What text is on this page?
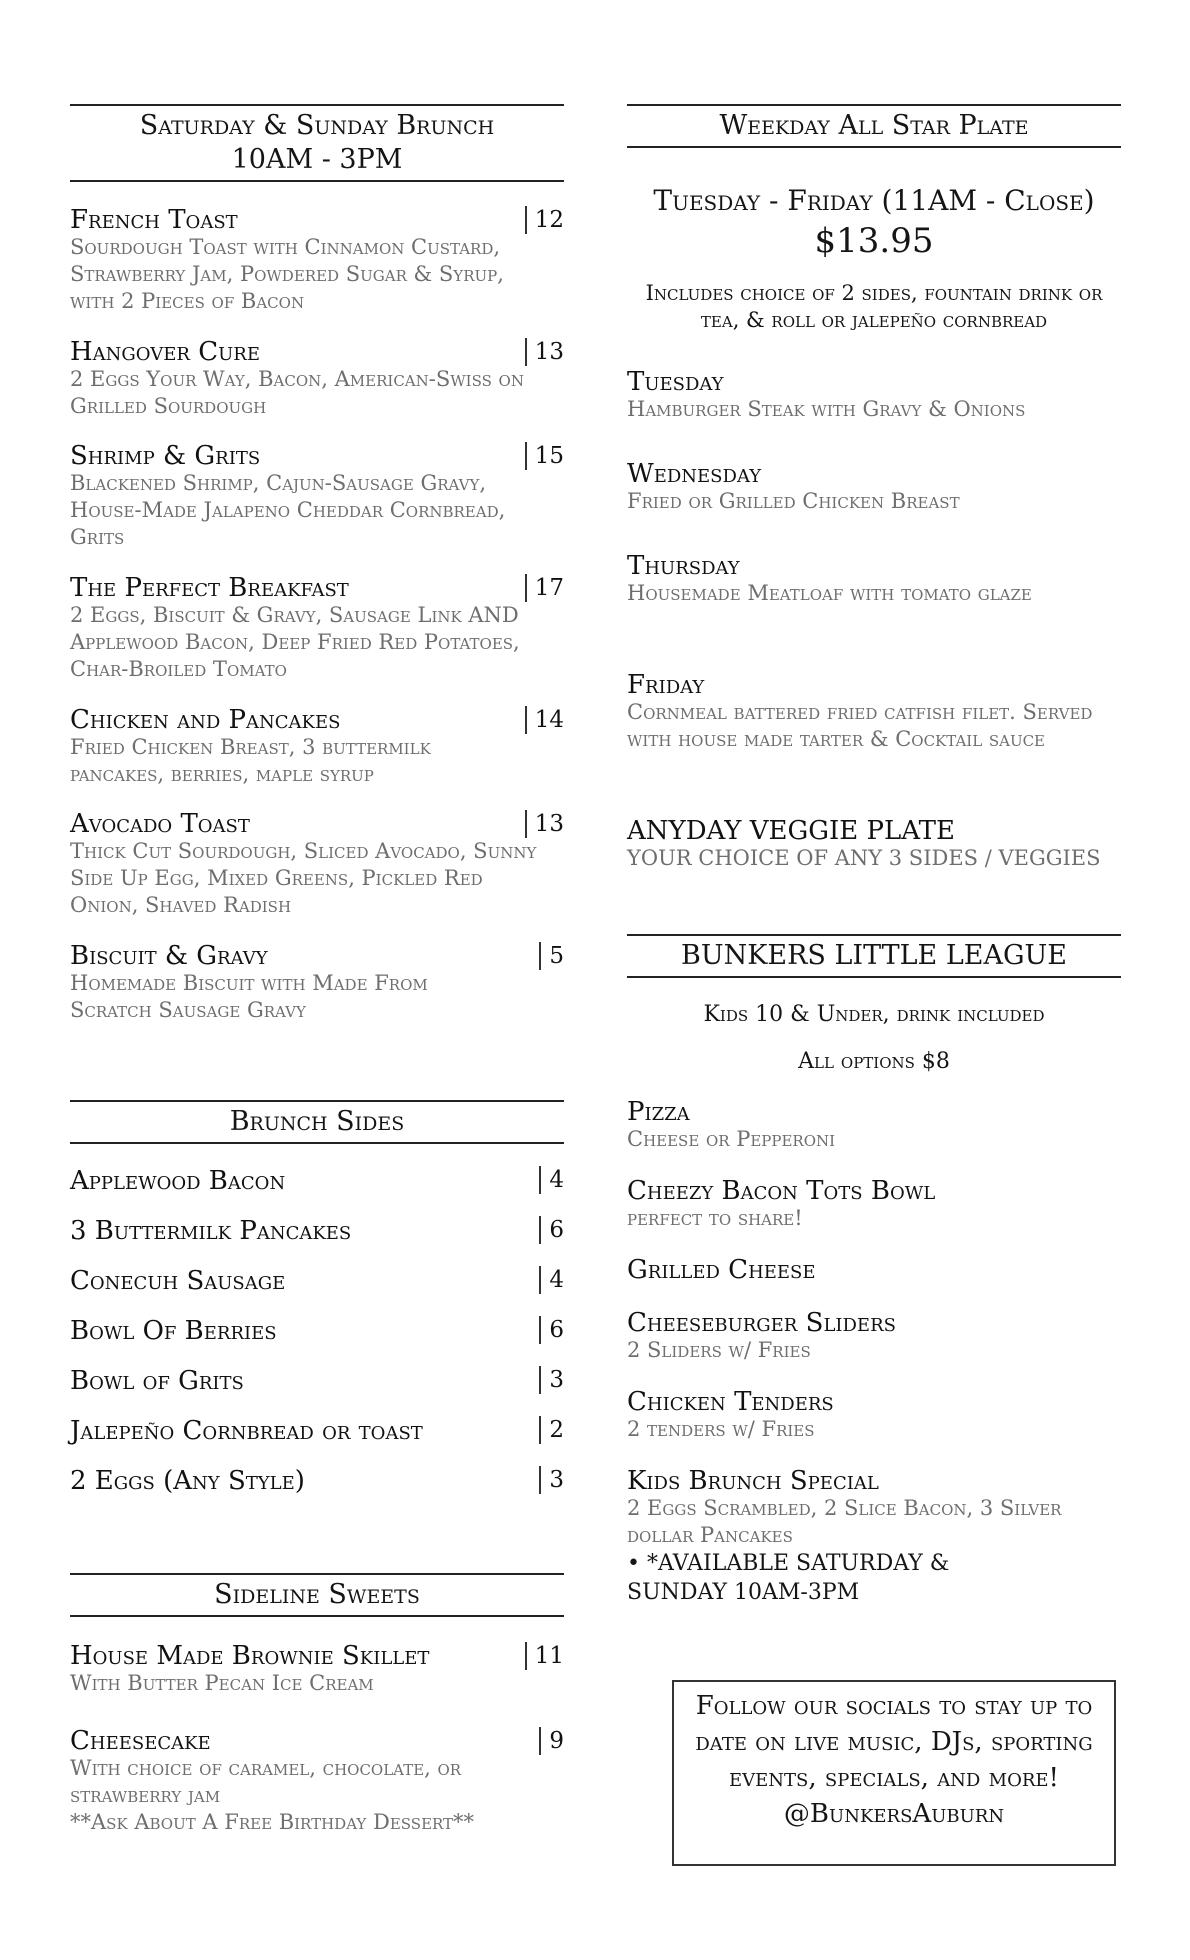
Saturday & Sunday Brunch
10AM - 3PM
French Toast	12
Sourdough Toast with Cinnamon Custard, Strawberry Jam, Powdered Sugar & Syrup, with 2 Pieces of Bacon
Hangover Cure	13
2 Eggs Your Way, Bacon, American-Swiss on Grilled Sourdough
Shrimp & Grits	15
Blackened Shrimp, Cajun-Sausage Gravy, House-Made Jalapeno Cheddar Cornbread, Grits
The Perfect Breakfast	17
2 Eggs, Biscuit & Gravy, Sausage Link AND Applewood Bacon, Deep Fried Red Potatoes, Char-Broiled Tomato
Chicken and Pancakes	14
Fried Chicken Breast, 3 buttermilk pancakes, berries, maple syrup
Avocado Toast	13
Thick Cut Sourdough, Sliced Avocado, Sunny Side Up Egg, Mixed Greens, Pickled Red Onion, Shaved Radish
Biscuit & Gravy	5
Homemade Biscuit with Made From Scratch Sausage Gravy
Brunch Sides
Applewood Bacon	4
3 Buttermilk Pancakes	6
Conecuh Sausage	4
Bowl Of Berries	6
Bowl of Grits	3
Jalepeño Cornbread or toast	2
2 Eggs (Any Style)	3
Sideline Sweets
House Made Brownie Skillet	11
With Butter Pecan Ice Cream
Cheesecake	9
With choice of caramel, chocolate, or strawberry jam
**Ask About A Free Birthday Dessert**
Weekday All Star Plate
Tuesday - Friday (11AM - Close)
$13.95
Includes choice of 2 sides, fountain drink or tea, & roll or jalepeño cornbread
Tuesday
Hamburger Steak with Gravy & Onions
Wednesday
Fried or Grilled Chicken Breast
Thursday
Housemade Meatloaf with tomato glaze
Friday
Cornmeal battered fried catfish filet. Served with house made tarter & Cocktail sauce
ANYDAY VEGGIE PLATE
YOUR CHOICE OF ANY 3 SIDES / VEGGIES
BUNKERS LITTLE LEAGUE
Kids 10 & Under, drink included
All options $8
Pizza
Cheese or Pepperoni
Cheezy Bacon Tots Bowl
perfect to share!
Grilled Cheese
Cheeseburger Sliders
2 Sliders w/ Fries
Chicken Tenders
2 tenders w/ Fries
Kids Brunch Special
2 Eggs Scrambled, 2 Slice Bacon, 3 Silver dollar Pancakes
• *AVAILABLE SATURDAY & SUNDAY 10AM-3PM
Follow our socials to stay up to date on live music, DJs, sporting events, specials, and more! @BunkersAuburn
